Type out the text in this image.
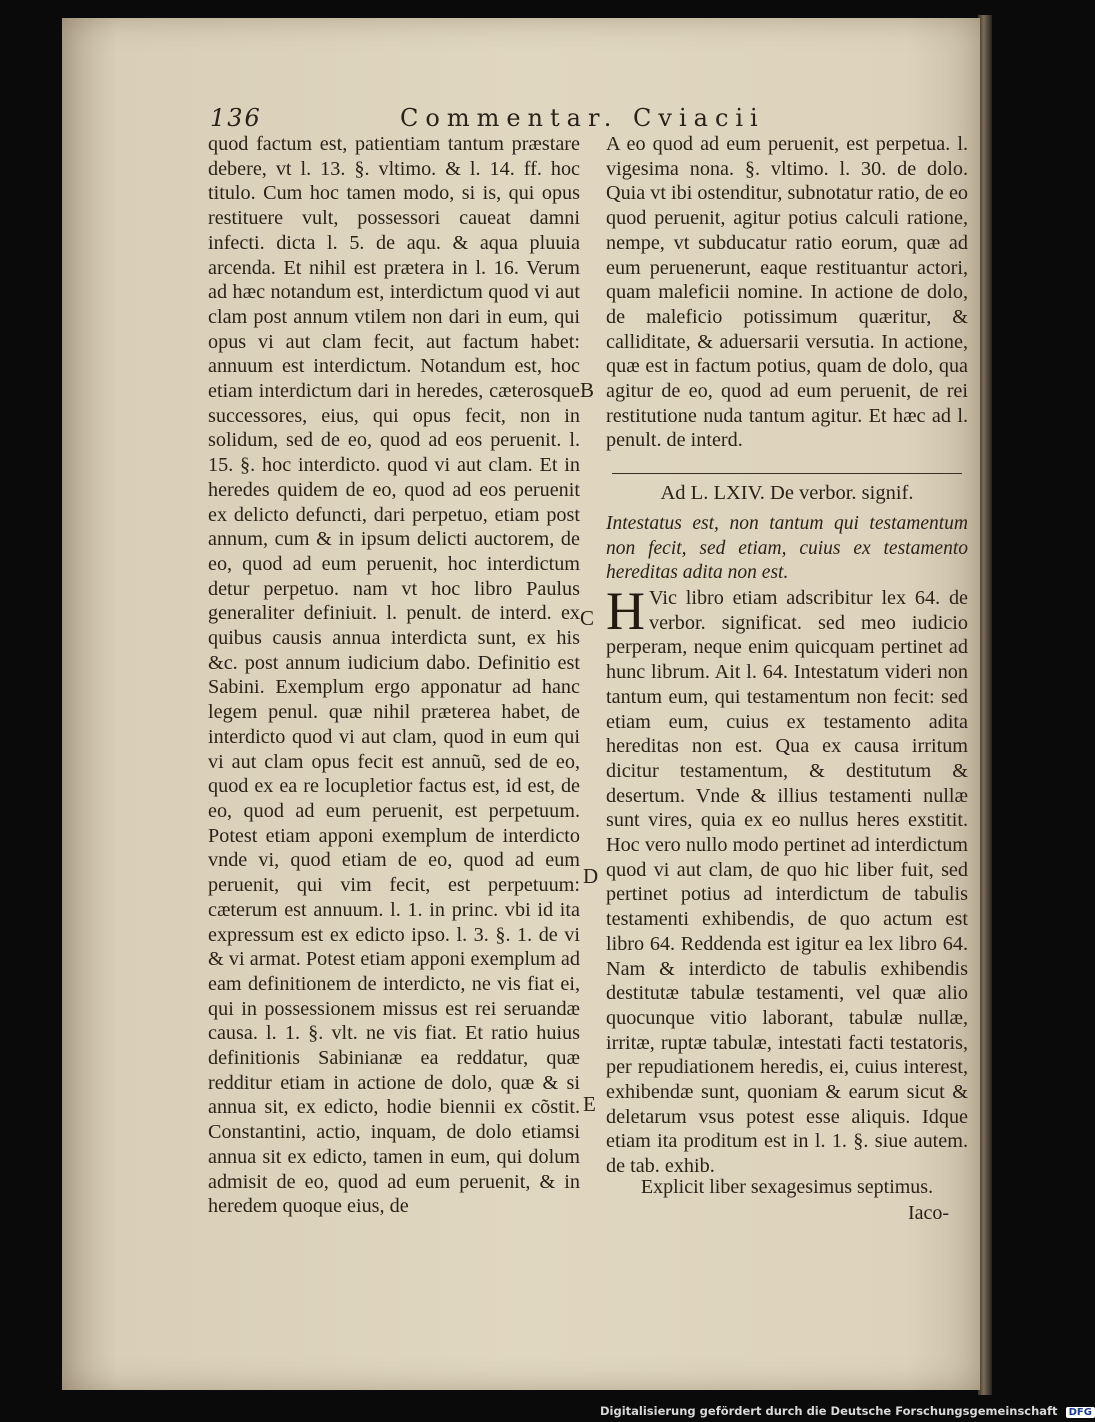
136	Commentar. Cviacii

quod factum est, patientiam tantum præstare debere, vt l. 13. §. vltimo. & l. 14. ff. hoc titulo. Cum hoc tamen modo, si is, qui opus restituere vult, possessori caueat damni infecti. dicta l. 5. de aqu. & aqua pluuia arcenda. Et nihil est prætera in l. 16. Verum ad hæc notandum est, interdictum quod vi aut clam post annum vtilem non dari in eum, qui opus vi aut clam fecit, aut factum habet: annuum est interdictum. Notandum est, hoc etiam interdictum dari in heredes, cæterosque successores, eius, qui opus fecit, non in solidum, sed de eo, quod ad eos peruenit. l. 15. §. hoc interdicto. quod vi aut clam. Et in heredes quidem de eo, quod ad eos peruenit ex delicto defuncti, dari perpetuo, etiam post annum, cum & in ipsum delicti auctorem, de eo, quod ad eum peruenit, hoc interdictum detur perpetuo. nam vt hoc libro Paulus generaliter definiuit. l. penult. de interd. ex quibus causis annua interdicta sunt, ex his &c. post annum iudicium dabo. Definitio est Sabini. Exemplum ergo apponatur ad hanc legem penul. quæ nihil præterea habet, de interdicto quod vi aut clam, quod in eum qui vi aut clam opus fecit est annuũ, sed de eo, quod ex ea re locupletior factus est, id est, de eo, quod ad eum peruenit, est perpetuum. Potest etiam apponi exemplum de interdicto vnde vi, quod etiam de eo, quod ad eum peruenit, qui vim fecit, est perpetuum: cæterum est annuum. l. 1. in princ. vbi id ita expressum est ex edicto ipso. l. 3. §. 1. de vi & vi armat. Potest etiam apponi exemplum ad eam definitionem de interdicto, ne vis fiat ei, qui in possessionem missus est rei seruandæ causa. l. 1. §. vlt. ne vis fiat. Et ratio huius definitionis Sabinianæ ea reddatur, quæ redditur etiam in actione de dolo, quæ & si annua sit, ex edicto, hodie biennii ex cõstit. Constantini, actio, inquam, de dolo etiamsi annua sit ex edicto, tamen in eum, qui dolum admisit de eo, quod ad eum peruenit, & in heredem quoque eius, de

A eo quod ad eum peruenit, est perpetua. l. vigesima nona. §. vltimo. l. 30. de dolo. Quia vt ibi ostenditur, subnotatur ratio, de eo quod peruenit, agitur potius calculi ratione, nempe, vt subducatur ratio eorum, quæ ad eum peruenerunt, eaque restituantur actori, quam maleficii nomine. In actione de dolo, de maleficio potissimum quæritur, & calliditate, & aduersarii versutia. In actione, quæ est in factum potius, quam de dolo, qua agitur de eo, quod ad eum peruenit, de rei restitutione nuda tantum agitur. Et hæc ad l. penult. de interd.

Ad L. LXIV. De verbor. signif.
Intestatus est, non tantum qui testamentum non fecit, sed etiam, cuius ex testamento hereditas adita non est.

H Vic libro etiam adscribitur lex 64. de verbor. significat. sed meo iudicio perperam, neque enim quicquam pertinet ad hunc librum. Ait l. 64. Intestatum videri non tantum eum, qui testamentum non fecit: sed etiam eum, cuius ex testamento adita hereditas non est. Qua ex causa irritum dicitur testamentum, & destitutum & desertum. Vnde & illius testamenti nullæ sunt vires, quia ex eo nullus heres exstitit. Hoc vero nullo modo pertinet ad interdictum quod vi aut clam, de quo hic liber fuit, sed pertinet potius ad interdictum de tabulis testamenti exhibendis, de quo actum est libro 64. Reddenda est igitur ea lex libro 64. Nam & interdicto de tabulis exhibendis destitutæ tabulæ testamenti, vel quæ alio quocunque vitio laborant, tabulæ nullæ, irritæ, ruptæ tabulæ, intestati facti testatoris, per repudiationem heredis, ei, cuius interest, exhibendæ sunt, quoniam & earum sicut & deletarum vsus potest esse aliquis. Idque etiam ita proditum est in l. 1. §. siue autem. de tab. exhib.

B
C
D
E
Explicit liber sexagesimus septimus.
Iaco-
Digitalisierung gefördert durch die Deutsche Forschungsgemeinschaft DFG
